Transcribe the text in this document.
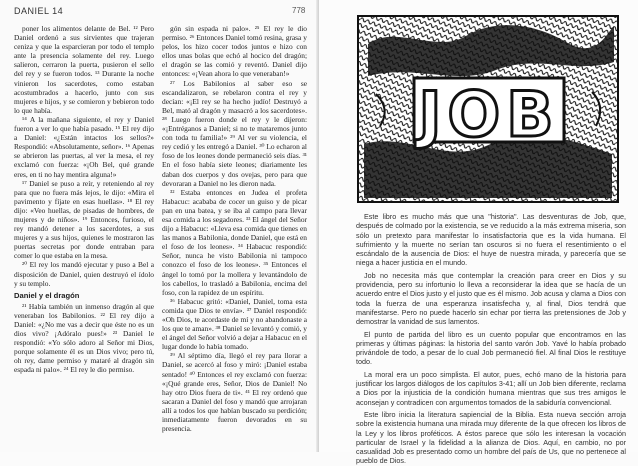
DANIEL 14

poner los alimentos delante de Bel. ¹² Pero Daniel ordenó a sus sirvientes que trajeran ceniza y que la esparcieran por todo el templo ante la presencia solamente del rey. Luego salieron, cerraron la puerta, pusieron el sello del rey y se fueron todos. ¹³ Durante la noche vinieron los sacerdotes, como estaban acostumbrados a hacerlo, junto con sus mujeres e hijos, y se comieron y bebieron todo lo que había.

¹⁴ A la mañana siguiente, el rey y Daniel fueron a ver lo que había pasado. ¹⁵ El rey dijo a Daniel: «¿Están intactos los sellos?» Respondió: «Absolutamente, señor». ¹⁶ Apenas se abrieron las puertas, al ver la mesa, el rey exclamó con fuerza: «¡Oh Bel, qué grande eres, en ti no hay mentira alguna!»

¹⁷ Daniel se puso a reír, y reteniendo al rey para que no fuera más lejos, le dijo: «Mira el pavimento y fíjate en esas huellas». ¹⁸ El rey dijo: «Veo huellas, de pisadas de hombres, de mujeres y de niños». ¹⁹ Entonces, furioso, el rey mandó detener a los sacerdotes, a sus mujeres y a sus hijos, quienes le mostraron las puertas secretas por donde entraban para comer lo que estaba en la mesa.

²⁰ El rey los mandó ejecutar y puso a Bel a disposición de Daniel, quien destruyó el ídolo y su templo.

Daniel y el dragón

²¹ Había también un inmenso dragón al que veneraban los Babilonios. ²² El rey dijo a Daniel: «¿No me vas a decir que éste no es un dios vivo? ¡Adóralo pues!» ²³ Daniel le respondió: «Yo sólo adoro al Señor mi Dios, porque solamente él es un Dios vivo; pero tú, oh rey, dame permiso y mataré al dragón sin espada ni palo». ²⁴ El rey le dio permiso.

gón sin espada ni palo». ²⁵ El rey le dio permiso. ²⁶ Entonces Daniel tomó resina, grasa y pelos, los hizo cocer todos juntos e hizo con ellos unas bolas que echó al hocico del dragón; el dragón se las comió y reventó. Daniel dijo entonces: «¡Vean ahora lo que veneraban!»

²⁷ Los Babilonios al saber eso se escandalizaron, se rebelaron contra el rey y decían: «¡El rey se ha hecho judío! Destruyó a Bel, mató al dragón y masacró a los sacerdotes». ²⁸ Luego fueron donde el rey y le dijeron: «¡Entréganos a Daniel; si no te mataremos junto con toda tu familia!» ²⁹ Al ver su violencia, el rey cedió y les entregó a Daniel. ³⁰ Lo echaron al foso de los leones donde permaneció seis días. ³¹ En el foso había siete leones; diariamente les daban dos cuerpos y dos ovejas, pero para que devoraran a Daniel no les dieron nada.

³² Estaba entonces en Judea el profeta Habacuc: acababa de cocer un guiso y de picar pan en una batea, y se iba al campo para llevar esa comida a los segadores. ³³ El ángel del Señor dijo a Habacuc: «Lleva esa comida que tienes en las manos a Babilonia, donde Daniel, que está en el foso de los leones». ³⁴ Habacuc respondió: Señor, nunca he visto Babilonia ni tampoco conozco el foso de los leones». ³⁵ Entonces el ángel lo tomó por la mollera y levantándolo de los cabellos, lo trasladó a Babilonia, encima del foso, con la rapidez de un espíritu.

³⁶ Habacuc gritó: «Daniel, Daniel, toma esta comida que Dios te envía». ³⁷ Daniel respondió: «Oh Dios, te acordaste de mí y no abandonaste a los que te aman». ³⁸ Daniel se levantó y comió, y el ángel del Señor volvió a dejar a Habacuc en el lugar donde lo había tomado.

³⁹ Al séptimo día, llegó el rey para llorar a Daniel, se acercó al foso y miró: ¡Daniel estaba sentado! ⁴⁰ Entonces el rey exclamó con fuerza: «¡Qué grande eres, Señor, Dios de Daniel! No hay otro Dios fuera de ti». ⁴¹ El rey ordenó que sacaran a Daniel del foso y mandó que arrojaran allí a todos los que habían buscado su perdición; inmediatamente fueron devorados en su presencia.

778
JOB

Este libro es mucho más que una "historia". Las desventuras de Job, que, después de colmado por la existencia, se ve reducido a la más extrema miseria, son sólo un pretexto para manifestar lo insatisfactoria que es la vida humana. El sufrimiento y la muerte no serían tan oscuros si no fuera el resentimiento o el escándalo de la ausencia de Dios: el huye de nuestra mirada, y parecería que se niega a hacer justicia en el mundo.

Job no necesita más que contemplar la creación para creer en Dios y su providencia, pero su infortunio lo lleva a reconsiderar la idea que se hacía de un acuerdo entre el Dios justo y el justo que es él mismo. Job acusa y clama a Dios con toda la fuerza de una esperanza insatisfecha y, al final, Dios tendrá que manifestarse. Pero no puede hacerlo sin echar por tierra las pretensiones de Job y demostrar la vanidad de sus lamentos.

El punto de partida del libro es un cuento popular que encontramos en las primeras y últimas páginas: la historia del santo varón Job. Yavé lo había probado privándole de todo, a pesar de lo cual Job permaneció fiel. Al final Dios le restituye todo.

La moral era un poco simplista. El autor, pues, echó mano de la historia para justificar los largos diálogos de los capítulos 3-41; allí un Job bien diferente, reclama a Dios por la injusticia de la condición humana mientras que sus tres amigos le aconsejan y contradicen con argumentos tomados de la sabiduría convencional.

Este libro inicia la literatura sapiencial de la Biblia. Esta nueva sección arroja sobre la existencia humana una mirada muy diferente de la que ofrecen los libros de la Ley y los libros proféticos. A éstos parece que sólo les interesan la vocación particular de Israel y la fidelidad a la alianza de Dios. Aquí, en cambio, no por casualidad Job es presentado como un hombre del país de Us, que no pertenece al pueblo de Dios.
